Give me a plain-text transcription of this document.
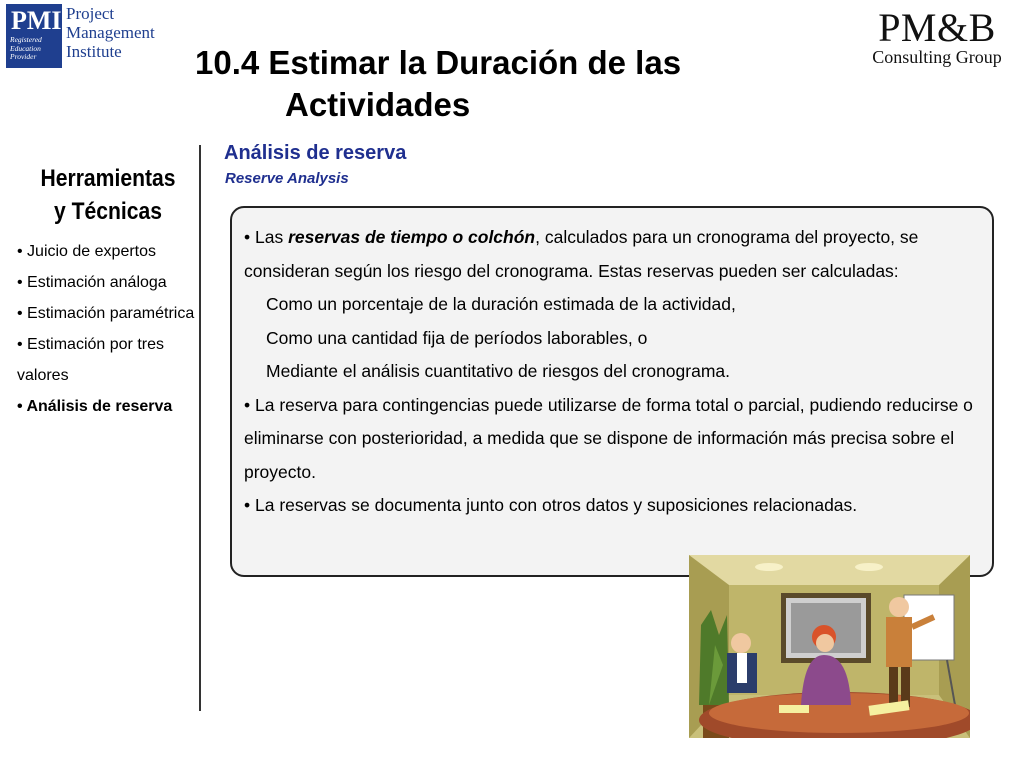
PMI
Registered
Education
Provider
Project
Management
Institute
PM&B
Consulting Group
10.4 Estimar la Duración de las
Actividades
Herramientas
y Técnicas
• Juicio de expertos
• Estimación análoga
• Estimación paramétrica
• Estimación por tres valores
• Análisis de reserva
Análisis de reserva
Reserve Analysis

• Las reservas de tiempo o colchón, calculados para un cronograma del proyecto, se consideran según los riesgo del cronograma. Estas reservas pueden ser calculadas:

Como un porcentaje de la duración estimada de la actividad,

Como una cantidad fija de períodos laborables, o

Mediante el análisis cuantitativo de riesgos del cronograma.

• La reserva para contingencias puede utilizarse de forma total o parcial, pudiendo reducirse o eliminarse con posterioridad, a medida que se dispone de información más precisa sobre el proyecto.

• La reservas se documenta junto con otros datos y suposiciones relacionadas.
